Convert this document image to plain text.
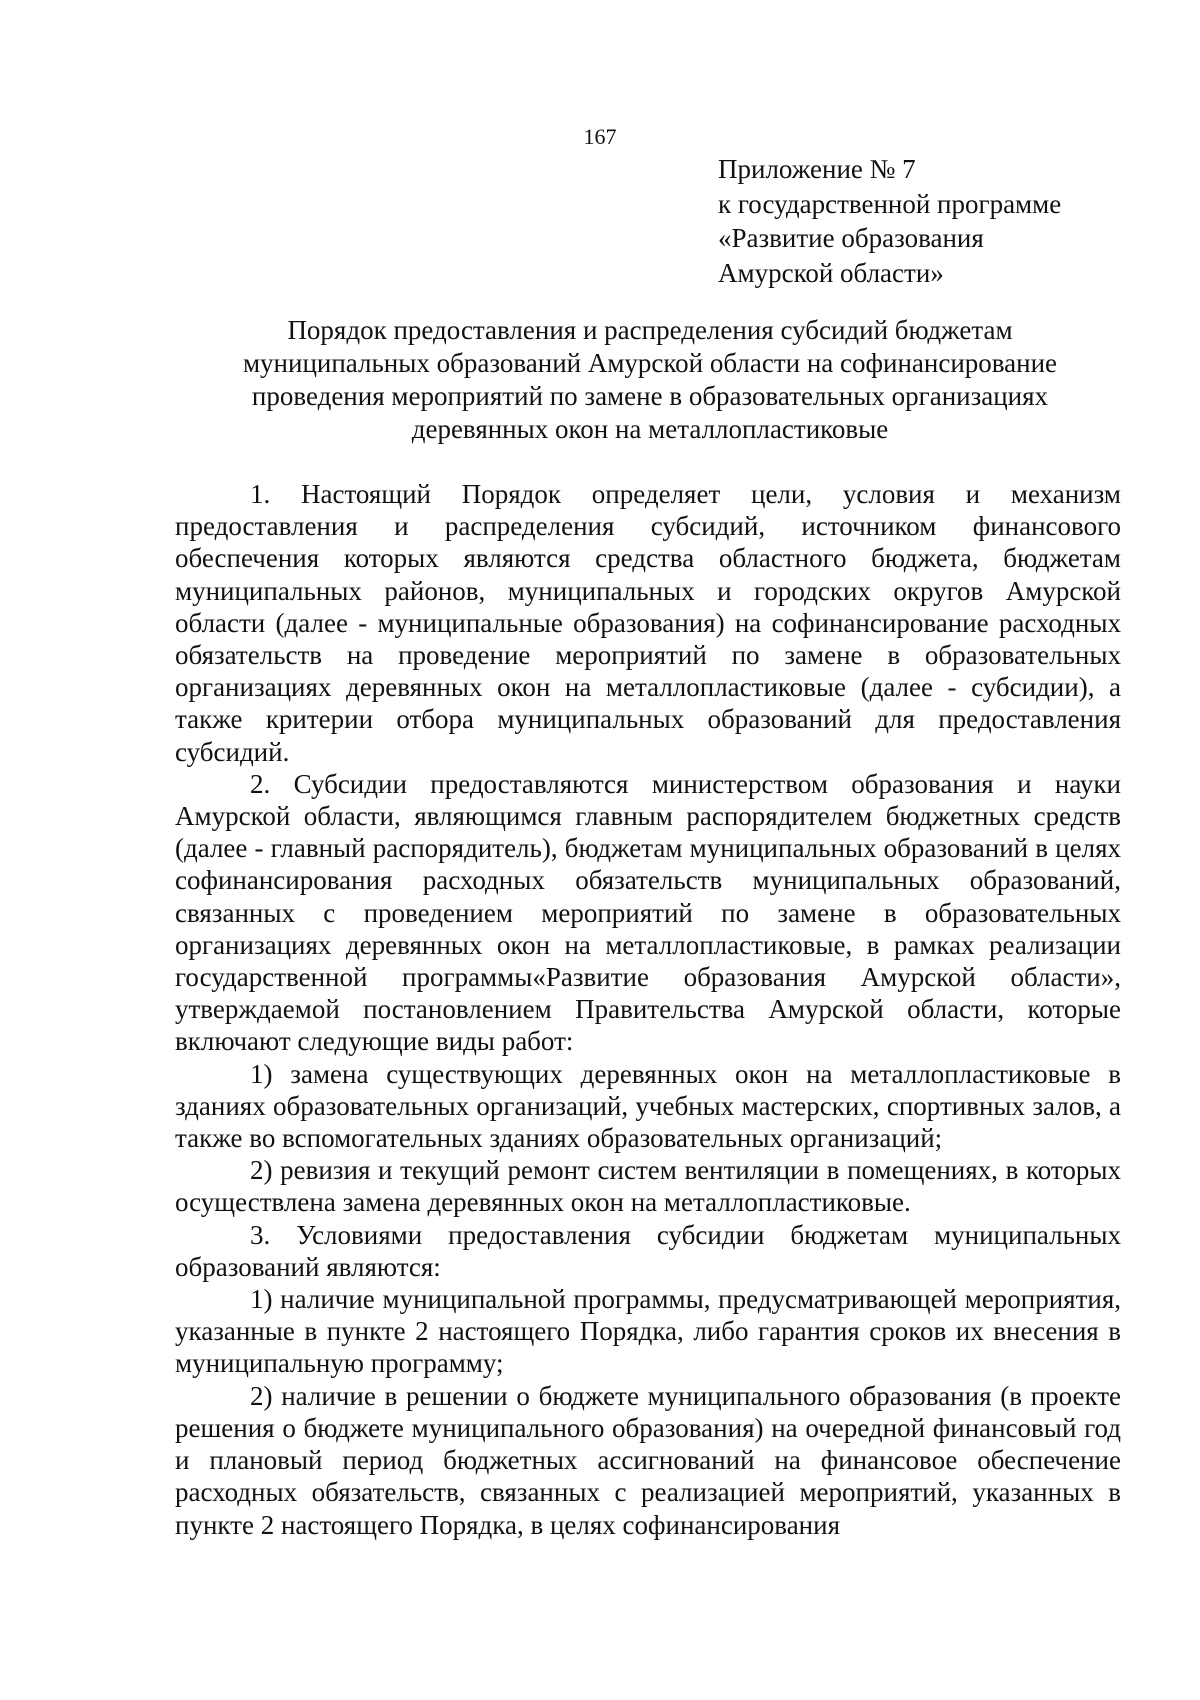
167
Приложение № 7
к государственной программе
«Развитие образования
Амурской области»
Порядок предоставления и распределения субсидий бюджетам
муниципальных образований Амурской области на софинансирование
проведения мероприятий по замене в образовательных организациях
деревянных окон на металлопластиковые

1. Настоящий Порядок определяет цели, условия и механизм предоставления и распределения субсидий, источником финансового обеспечения которых являются средства областного бюджета, бюджетам муниципальных районов, муниципальных и городских округов Амурской области (далее - муниципальные образования) на софинансирование расходных обязательств на проведение мероприятий по замене в образовательных организациях деревянных окон на металлопластиковые (далее - субсидии), а также критерии отбора муниципальных образований для предоставления субсидий.

2. Субсидии предоставляются министерством образования и науки Амурской области, являющимся главным распорядителем бюджетных средств (далее - главный распорядитель), бюджетам муниципальных образований в целях софинансирования расходных обязательств муниципальных образований, связанных с проведением мероприятий по замене в образовательных организациях деревянных окон на металлопластиковые, в рамках реализации государственной программы«Развитие образования Амурской области», утверждаемой постановлением Правительства Амурской области, которые включают следующие виды работ:

1) замена существующих деревянных окон на металлопластиковые в зданиях образовательных организаций, учебных мастерских, спортивных залов, а также во вспомогательных зданиях образовательных организаций;

2) ревизия и текущий ремонт систем вентиляции в помещениях, в которых осуществлена замена деревянных окон на металлопластиковые.

3. Условиями предоставления субсидии бюджетам муниципальных образований являются:

1) наличие муниципальной программы, предусматривающей мероприятия, указанные в пункте 2 настоящего Порядка, либо гарантия сроков их внесения в муниципальную программу;

2) наличие в решении о бюджете муниципального образования (в проекте решения о бюджете муниципального образования) на очередной финансовый год и плановый период бюджетных ассигнований на финансовое обеспечение расходных обязательств, связанных с реализацией мероприятий, указанных в пункте 2 настоящего Порядка, в целях софинансирования
